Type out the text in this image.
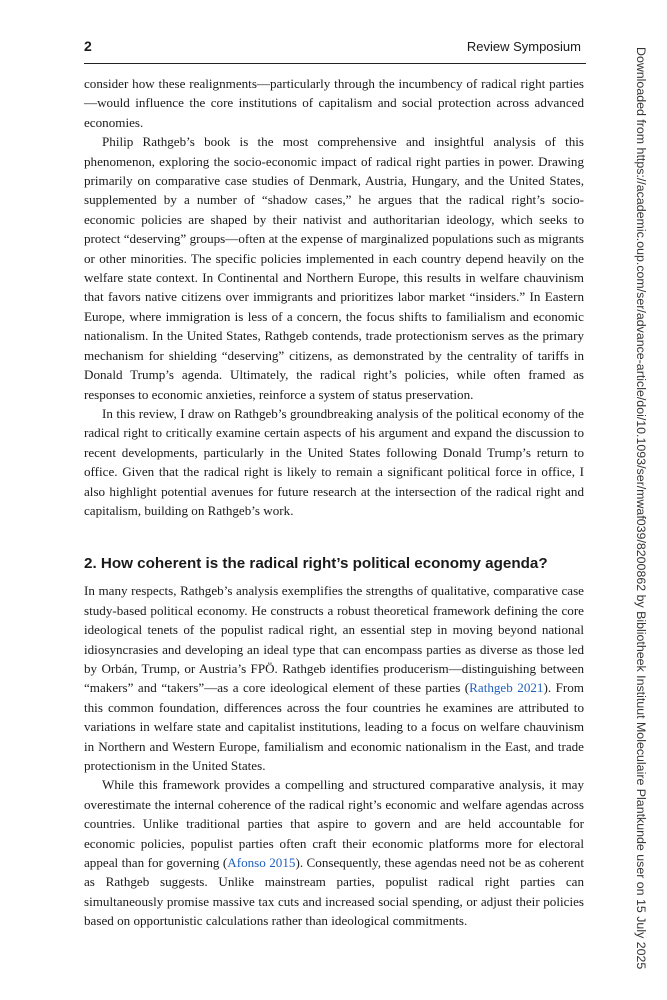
2	Review Symposium

consider how these realignments—particularly through the incumbency of radical right parties—would influence the core institutions of capitalism and social protection across advanced economies.

Philip Rathgeb’s book is the most comprehensive and insightful analysis of this phenomenon, exploring the socio-economic impact of radical right parties in power. Drawing primarily on comparative case studies of Denmark, Austria, Hungary, and the United States, supplemented by a number of “shadow cases,” he argues that the radical right’s socio-economic policies are shaped by their nativist and authoritarian ideology, which seeks to protect “deserving” groups—often at the expense of marginalized populations such as migrants or other minorities. The specific policies implemented in each country depend heavily on the welfare state context. In Continental and Northern Europe, this results in welfare chauvinism that favors native citizens over immigrants and prioritizes labor market “insiders.” In Eastern Europe, where immigration is less of a concern, the focus shifts to familialism and economic nationalism. In the United States, Rathgeb contends, trade protectionism serves as the primary mechanism for shielding “deserving” citizens, as demonstrated by the centrality of tariffs in Donald Trump’s agenda. Ultimately, the radical right’s policies, while often framed as responses to economic anxieties, reinforce a system of status preservation.

In this review, I draw on Rathgeb’s groundbreaking analysis of the political economy of the radical right to critically examine certain aspects of his argument and expand the discussion to recent developments, particularly in the United States following Donald Trump’s return to office. Given that the radical right is likely to remain a significant political force in office, I also highlight potential avenues for future research at the intersection of the radical right and capitalism, building on Rathgeb’s work.

2. How coherent is the radical right’s political economy agenda?

In many respects, Rathgeb’s analysis exemplifies the strengths of qualitative, comparative case study-based political economy. He constructs a robust theoretical framework defining the core ideological tenets of the populist radical right, an essential step in moving beyond national idiosyncrasies and developing an ideal type that can encompass parties as diverse as those led by Orbán, Trump, or Austria’s FPÖ. Rathgeb identifies producerism—distinguishing between “makers” and “takers”—as a core ideological element of these parties (Rathgeb 2021). From this common foundation, differences across the four countries he examines are attributed to variations in welfare state and capitalist institutions, leading to a focus on welfare chauvinism in Northern and Western Europe, familialism and economic nationalism in the East, and trade protectionism in the United States.

While this framework provides a compelling and structured comparative analysis, it may overestimate the internal coherence of the radical right’s economic and welfare agendas across countries. Unlike traditional parties that aspire to govern and are held accountable for economic policies, populist parties often craft their economic platforms more for electoral appeal than for governing (Afonso 2015). Consequently, these agendas need not be as coherent as Rathgeb suggests. Unlike mainstream parties, populist radical right parties can simultaneously promise massive tax cuts and increased social spending, or adjust their policies based on opportunistic calculations rather than ideological commitments.	Downloaded from https://academic.oup.com/ser/advance-article/doi/10.1093/ser/mwaf039/8200862 by Bibliotheek Instituut Moleculaire Plantkunde user on 15 July 2025
